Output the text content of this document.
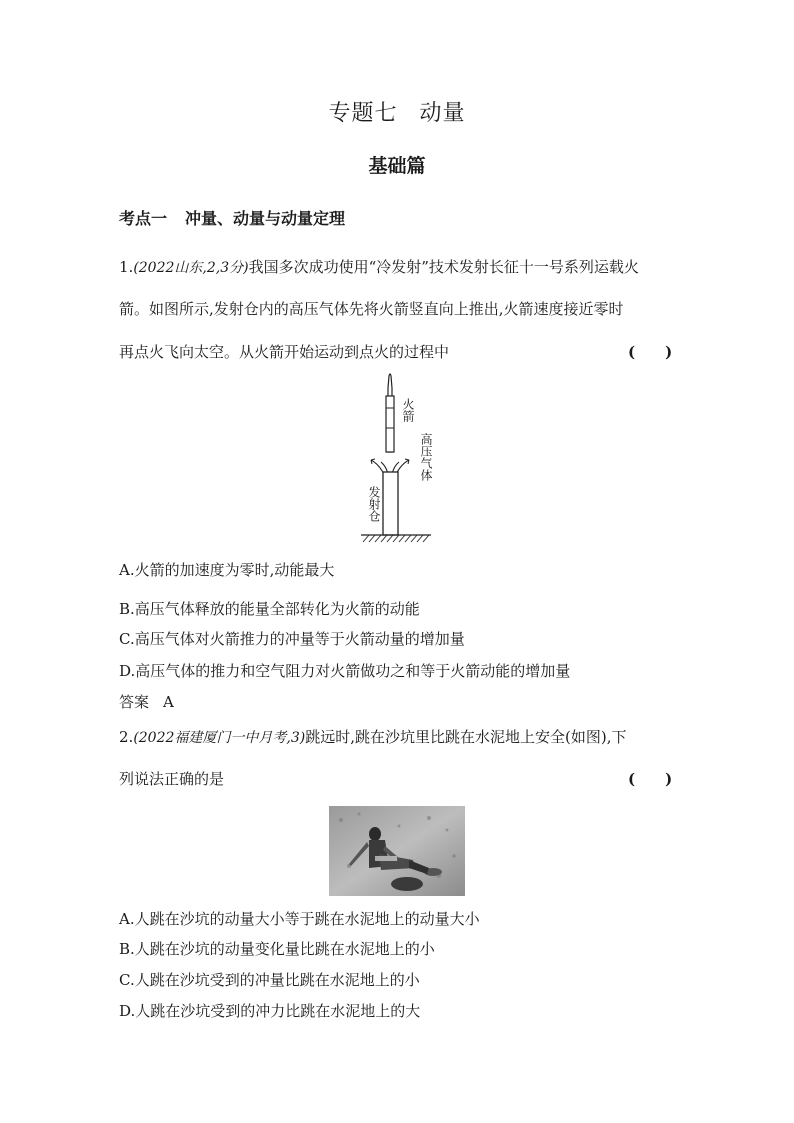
专题七 动量
基础篇
考点一 冲量、动量与动量定理
1.(2022山东,2,3分)我国多次成功使用“冷发射”技术发射长征十一号系列运载火
箭。如图所示,发射仓内的高压气体先将火箭竖直向上推出,火箭速度接近零时
再点火飞向太空。从火箭开始运动到点火的过程中	(　　)
火箭
高压气体
发射仓
A.火箭的加速度为零时,动能最大
B.高压气体释放的能量全部转化为火箭的动能
C.高压气体对火箭推力的冲量等于火箭动量的增加量
D.高压气体的推力和空气阻力对火箭做功之和等于火箭动能的增加量
答案 A
2.(2022福建厦门一中月考,3)跳远时,跳在沙坑里比跳在水泥地上安全(如图),下
列说法正确的是	(　　)
A.人跳在沙坑的动量大小等于跳在水泥地上的动量大小
B.人跳在沙坑的动量变化量比跳在水泥地上的小
C.人跳在沙坑受到的冲量比跳在水泥地上的小
D.人跳在沙坑受到的冲力比跳在水泥地上的大
